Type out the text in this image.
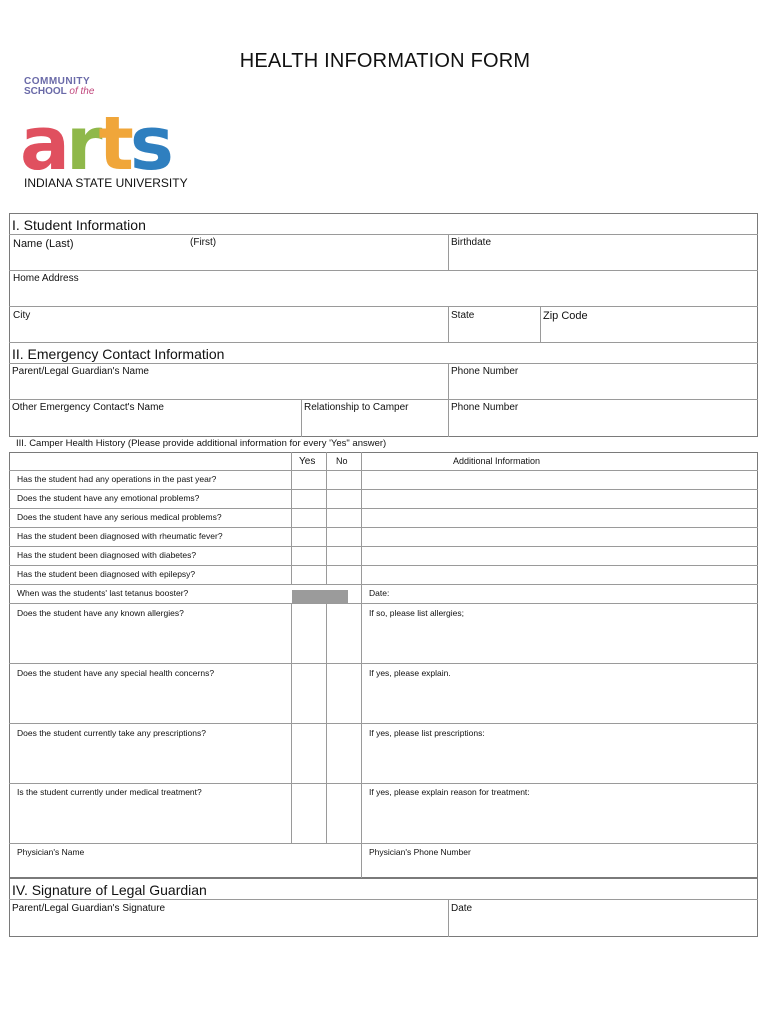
HEALTH INFORMATION FORM
COMMUNITY
SCHOOL of the
arts
INDIANA STATE UNIVERSITY
I. Student Information
Name (Last)	(First)	Birthdate
Home Address
City	State	Zip Code
II. Emergency Contact Information
Parent/Legal Guardian's Name	Phone Number
Other Emergency Contact's Name	Relationship to Camper	Phone Number
III. Camper Health History (Please provide additional information for every 'Yes" answer)
Yes No	Additional Information
Has the student had any operations in the past year?
Does the student have any emotional problems?
Does the student have any serious medical problems?
Has the student been diagnosed with rheumatic fever?
Has the student been diagnosed with diabetes?
Has the student been diagnosed with epilepsy?
When was the students' last tetanus booster?	Date:
Does the student have any known allergies?	If so, please list allergies;
Does the student have any special health concerns?	If yes, please explain.
Does the student currently take any prescriptions?	If yes, please list prescriptions:
Is the student currently under medical treatment?	If yes, please explain reason for treatment:
Physician's Name	Physician's Phone Number
IV. Signature of Legal Guardian
Parent/Legal Guardian's Signature	Date
